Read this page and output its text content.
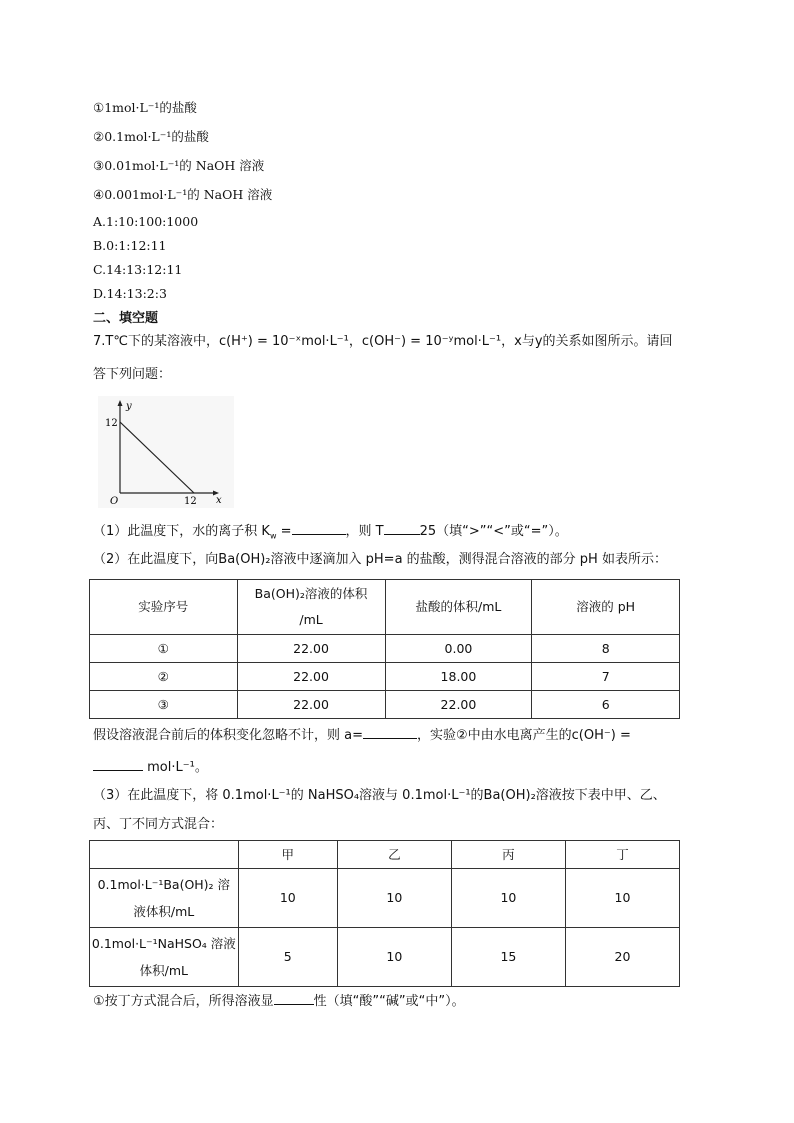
①1mol·L⁻¹的盐酸
②0.1mol·L⁻¹的盐酸
③0.01mol·L⁻¹的 NaOH 溶液
④0.001mol·L⁻¹的 NaOH 溶液
A.1:10:100:1000
B.0:1:12:11
C.14:13:12:11
D.14:13:2:3
二、填空题
7.T℃下的某溶液中，c(H⁺) = 10⁻ˣmol·L⁻¹，c(OH⁻) = 10⁻ʸmol·L⁻¹，x与y的关系如图所示。请回
答下列问题：
y
x
O
12
12
（1）此温度下，水的离子积 $K_w$ =	，则 T	25（填“>”“<”或“=”）。
（2）在此温度下，向Ba(OH)₂溶液中逐滴加入 pH=a 的盐酸，测得混合溶液的部分 pH 如表所示：
实验序号	Ba(OH)₂溶液的体积
/mL	盐酸的体积/mL	溶液的 pH
①	22.00	0.00	8
②	22.00	18.00	7
③	22.00	22.00	6
假设溶液混合前后的体积变化忽略不计，则 a=	，实验②中由水电离产生的c(OH⁻) =
mol·L⁻¹。
（3）在此温度下，将 0.1mol·L⁻¹的 NaHSO₄溶液与 0.1mol·L⁻¹的Ba(OH)₂溶液按下表中甲、乙、
丙、丁不同方式混合：
	甲	乙	丙	丁

0.1mol·L⁻¹Ba(OH)₂ 溶
液体积/mL	10	10	10	10

0.1mol·L⁻¹NaHSO₄ 溶液
体积/mL	5	10	15	20
①按丁方式混合后，所得溶液显	性（填“酸”“碱”或“中”）。
